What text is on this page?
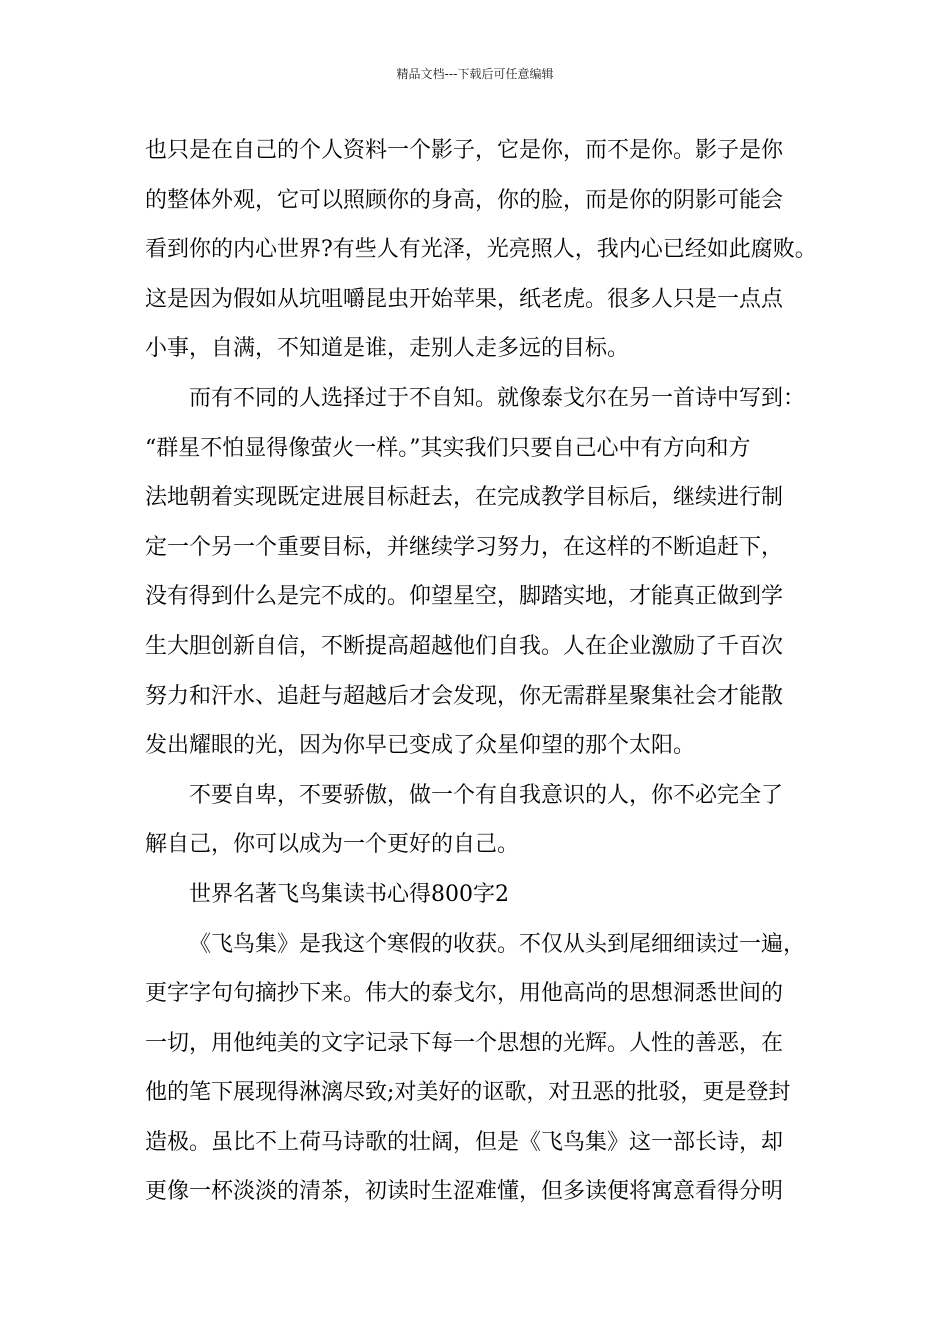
精品文档---下载后可任意编辑
也只是在自己的个人资料一个影子，它是你，而不是你。影子是你
的整体外观，它可以照顾你的身高，你的脸，而是你的阴影可能会
看到你的内心世界?有些人有光泽，光亮照人，我内心已经如此腐败。
这是因为假如从坑咀嚼昆虫开始苹果，纸老虎。很多人只是一点点
小事，自满，不知道是谁，走别人走多远的目标。
而有不同的人选择过于不自知。就像泰戈尔在另一首诗中写到：
“群星不怕显得像萤火一样。”其实我们只要自己心中有方向和方
法地朝着实现既定进展目标赶去，在完成教学目标后，继续进行制
定一个另一个重要目标，并继续学习努力，在这样的不断追赶下，
没有得到什么是完不成的。仰望星空，脚踏实地，才能真正做到学
生大胆创新自信，不断提高超越他们自我。人在企业激励了千百次
努力和汗水、追赶与超越后才会发现，你无需群星聚集社会才能散
发出耀眼的光，因为你早已变成了众星仰望的那个太阳。
不要自卑，不要骄傲，做一个有自我意识的人，你不必完全了
解自己，你可以成为一个更好的自己。
世界名著飞鸟集读书心得800字2
《飞鸟集》是我这个寒假的收获。不仅从头到尾细细读过一遍，
更字字句句摘抄下来。伟大的泰戈尔，用他高尚的思想洞悉世间的
一切，用他纯美的文字记录下每一个思想的光辉。人性的善恶，在
他的笔下展现得淋漓尽致;对美好的讴歌，对丑恶的批驳，更是登封
造极。虽比不上荷马诗歌的壮阔，但是《飞鸟集》这一部长诗，却
更像一杯淡淡的清茶，初读时生涩难懂，但多读便将寓意看得分明
